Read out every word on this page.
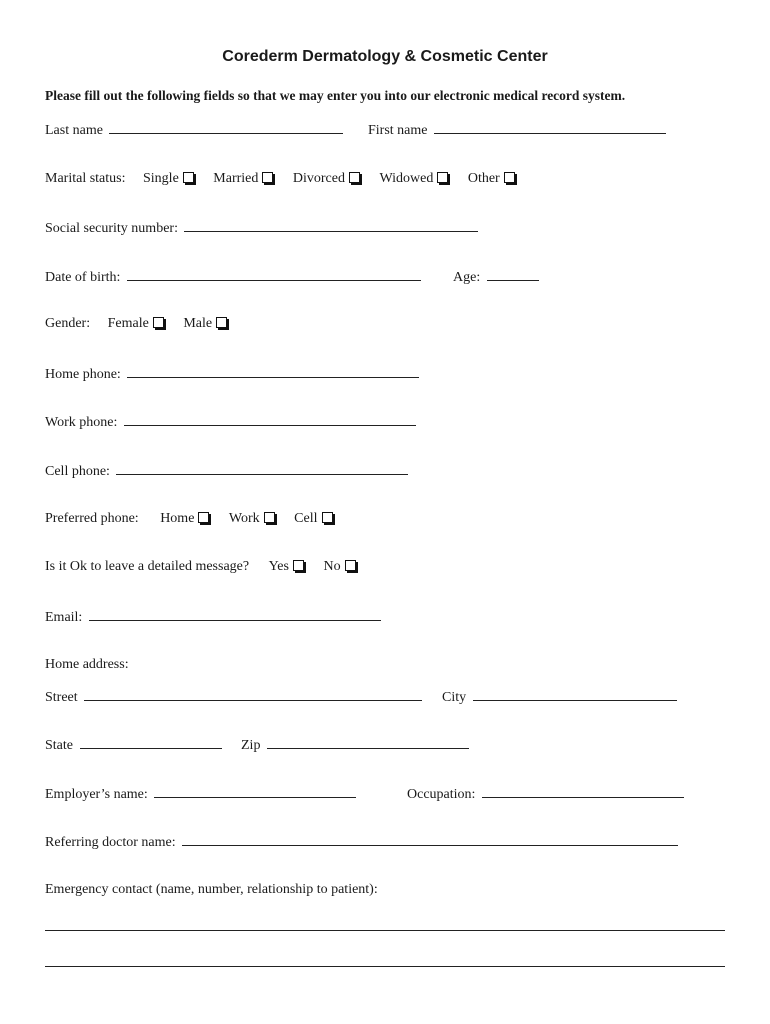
Corederm Dermatology & Cosmetic Center
Please fill out the following fields so that we may enter you into our electronic medical record system.
Last name	First name
Marital status: Single Married Divorced Widowed Other
Social security number:
Date of birth:	Age:
Gender: Female Male
Home phone:
Work phone:
Cell phone:
Preferred phone: Home Work Cell
Is it Ok to leave a detailed message? Yes No
Email:
Home address:
Street	City
State	Zip
Employer’s name:	Occupation:
Referring doctor name:
Emergency contact (name, number, relationship to patient):
